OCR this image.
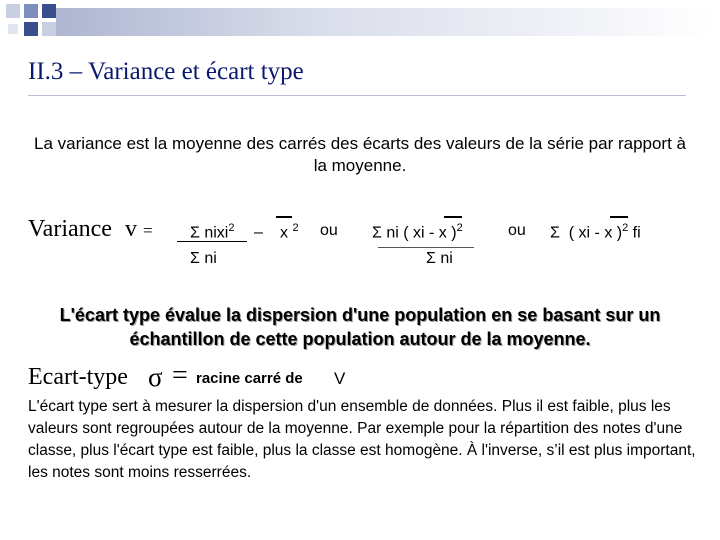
II.3 – Variance et écart type
La variance est la moyenne des carrés des écarts des valeurs de la série par rapport à la moyenne.
Variance v = Σ nixi$^2$
Σ ni
– x $^2$ ou Σ ni ( xi - x )$^2$
Σ ni
ou Σ  ( xi - x )$^2$ fi
L'écart type évalue la dispersion d'une population en se basant sur un échantillon de cette population autour de la moyenne.
Ecart-type σ = racine carré de V
L'écart type sert à mesurer la dispersion d'un ensemble de données. Plus il est faible, plus les valeurs sont regroupées autour de la moyenne. Par exemple pour la répartition des notes d'une classe, plus l'écart type est faible, plus la classe est homogène. À l'inverse, s’il est plus important, les notes sont moins resserrées.
